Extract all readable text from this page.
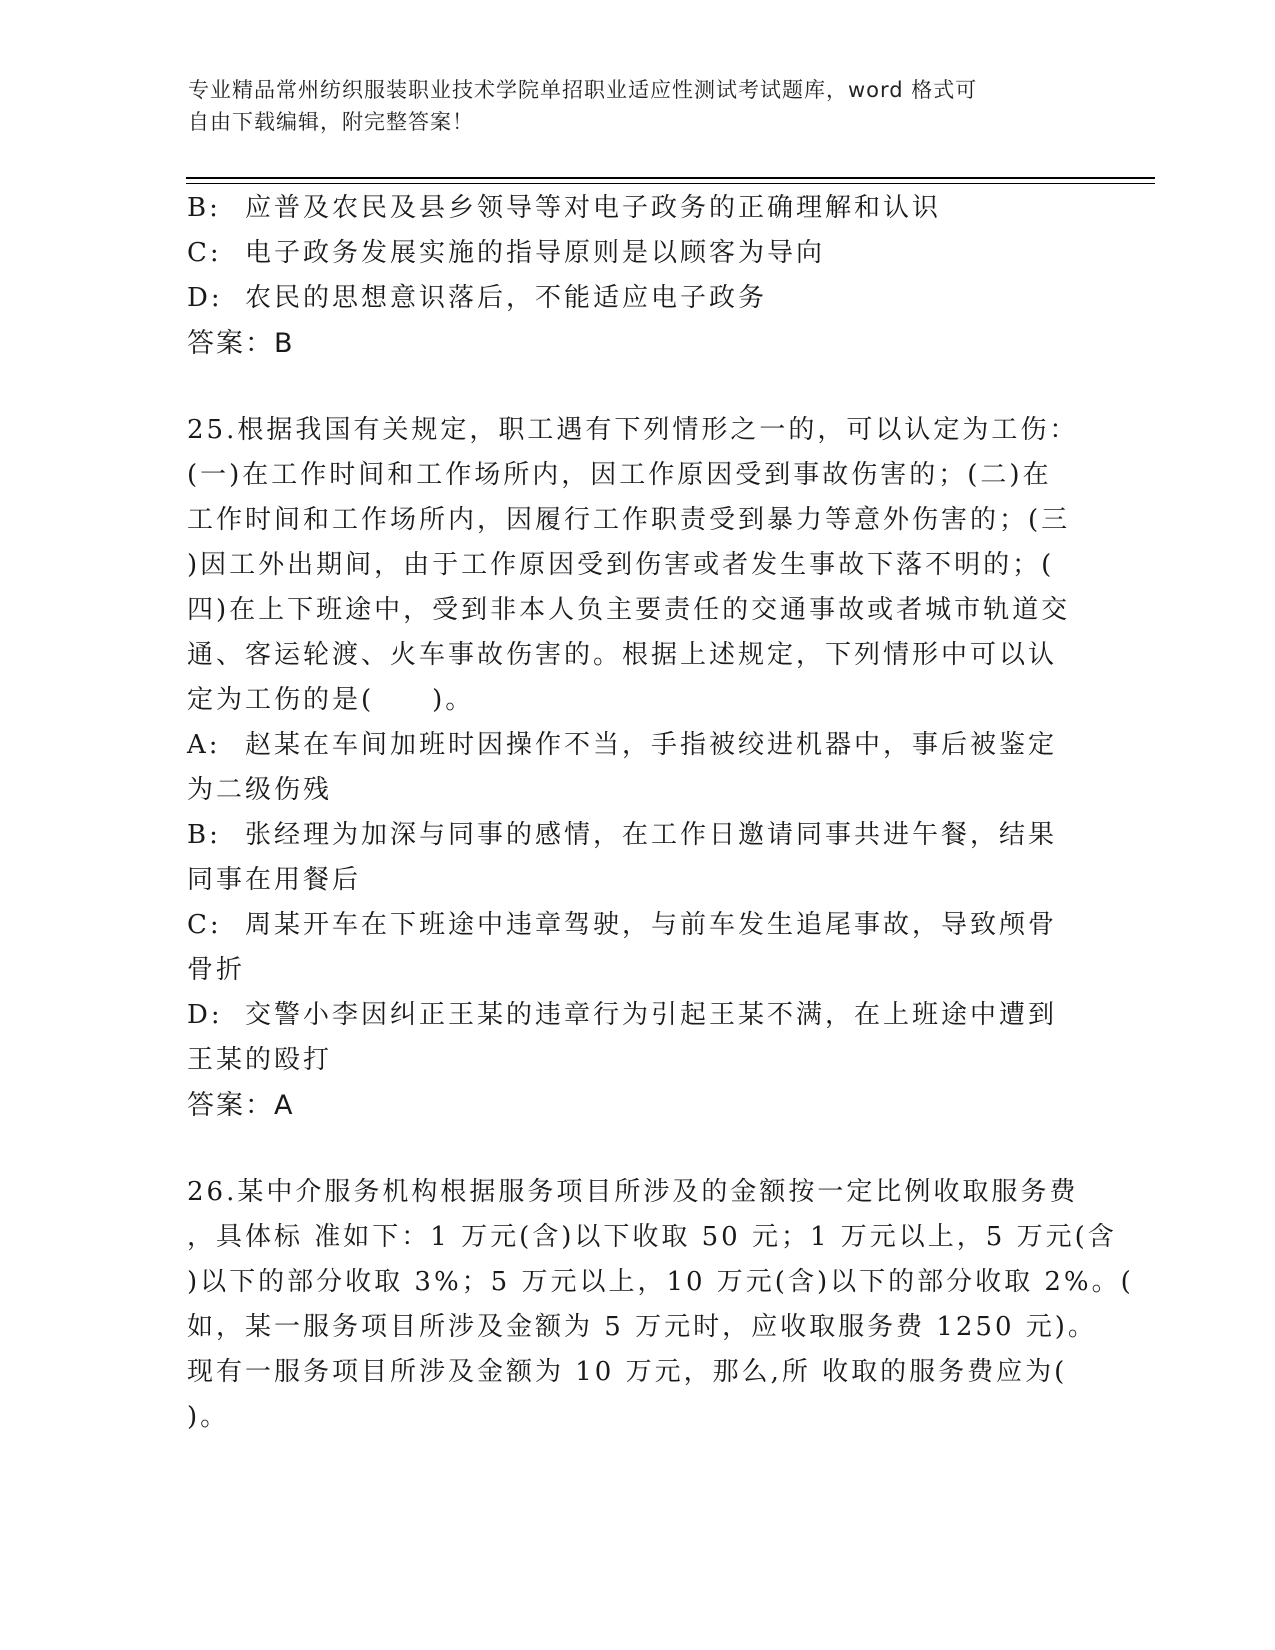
专业精品常州纺织服装职业技术学院单招职业适应性测试考试题库，word 格式可
自由下载编辑，附完整答案！
B: 应普及农民及县乡领导等对电子政务的正确理解和认识
C: 电子政务发展实施的指导原则是以顾客为导向
D: 农民的思想意识落后，不能适应电子政务
答案：B
25.根据我国有关规定，职工遇有下列情形之一的，可以认定为工伤：
(一)在工作时间和工作场所内，因工作原因受到事故伤害的；(二)在
工作时间和工作场所内，因履行工作职责受到暴力等意外伤害的；(三
)因工外出期间，由于工作原因受到伤害或者发生事故下落不明的；(
四)在上下班途中，受到非本人负主要责任的交通事故或者城市轨道交
通、客运轮渡、火车事故伤害的。根据上述规定，下列情形中可以认
定为工伤的是(　　)。
A: 赵某在车间加班时因操作不当，手指被绞进机器中，事后被鉴定
为二级伤残
B: 张经理为加深与同事的感情，在工作日邀请同事共进午餐，结果
同事在用餐后
C: 周某开车在下班途中违章驾驶，与前车发生追尾事故，导致颅骨
骨折
D: 交警小李因纠正王某的违章行为引起王某不满，在上班途中遭到
王某的殴打
答案：A
26.某中介服务机构根据服务项目所涉及的金额按一定比例收取服务费
，具体标 准如下：1 万元(含)以下收取 50 元；1 万元以上，5 万元(含
)以下的部分收取 3%；5 万元以上，10 万元(含)以下的部分收取 2%。(
如，某一服务项目所涉及金额为 5 万元时，应收取服务费 1250 元)。
现有一服务项目所涉及金额为 10 万元，那么,所 收取的服务费应为(
)。
